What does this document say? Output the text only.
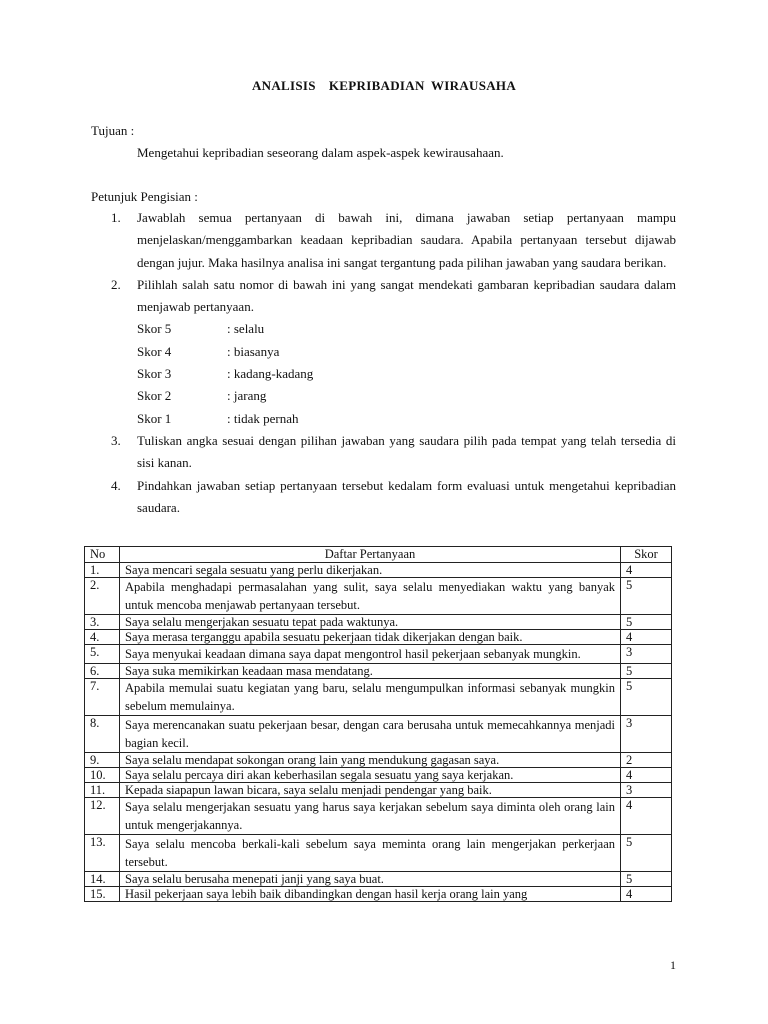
ANALISIS  KEPRIBADIAN WIRAUSAHA
Tujuan :
Mengetahui kepribadian seseorang dalam aspek-aspek kewirausahaan.
Petunjuk Pengisian :
1. Jawablah semua pertanyaan di bawah ini, dimana jawaban setiap pertanyaan mampu menjelaskan/menggambarkan keadaan kepribadian saudara. Apabila pertanyaan tersebut dijawab dengan jujur. Maka hasilnya analisa ini sangat tergantung pada pilihan jawaban yang saudara berikan.
2. Pilihlah salah satu nomor di bawah ini yang sangat mendekati gambaran kepribadian saudara dalam menjawab pertanyaan.
Skor 5	: selalu
Skor 4	: biasanya
Skor 3	: kadang-kadang
Skor 2	: jarang
Skor 1	: tidak pernah
3. Tuliskan angka sesuai dengan pilihan jawaban yang saudara pilih pada tempat yang telah tersedia di sisi kanan.
4. Pindahkan jawaban setiap pertanyaan tersebut kedalam form evaluasi untuk mengetahui kepribadian saudara.
No	Daftar Pertanyaan	Skor
1.	Saya mencari segala sesuatu yang perlu dikerjakan.	4
2.	Apabila menghadapi permasalahan yang sulit, saya selalu menyediakan waktu yang banyak untuk mencoba menjawab pertanyaan tersebut.	5
3.	Saya selalu mengerjakan sesuatu tepat pada waktunya.	5
4.	Saya merasa terganggu apabila sesuatu pekerjaan tidak dikerjakan dengan baik.	4
5.	Saya menyukai keadaan dimana saya dapat mengontrol hasil pekerjaan sebanyak mungkin.	3
6.	Saya suka memikirkan keadaan masa mendatang.	5
7.	Apabila memulai suatu kegiatan yang baru, selalu mengumpulkan informasi sebanyak mungkin sebelum memulainya.	5
8.	Saya merencanakan suatu pekerjaan besar, dengan cara berusaha untuk memecahkannya menjadi bagian kecil.	3
9.	Saya selalu mendapat sokongan orang lain yang mendukung gagasan saya.	2
10.	Saya selalu percaya diri akan keberhasilan segala sesuatu yang saya kerjakan.	4
11.	Kepada siapapun lawan bicara, saya selalu menjadi pendengar yang baik.	3
12.	Saya selalu mengerjakan sesuatu yang harus saya kerjakan sebelum saya diminta oleh orang lain untuk mengerjakannya.	4
13.	Saya selalu mencoba berkali-kali sebelum saya meminta orang lain mengerjakan perkerjaan tersebut.	5
14.	Saya selalu berusaha menepati janji yang saya buat.	5
15.	Hasil pekerjaan saya lebih baik dibandingkan dengan hasil kerja orang lain yang	4
1
